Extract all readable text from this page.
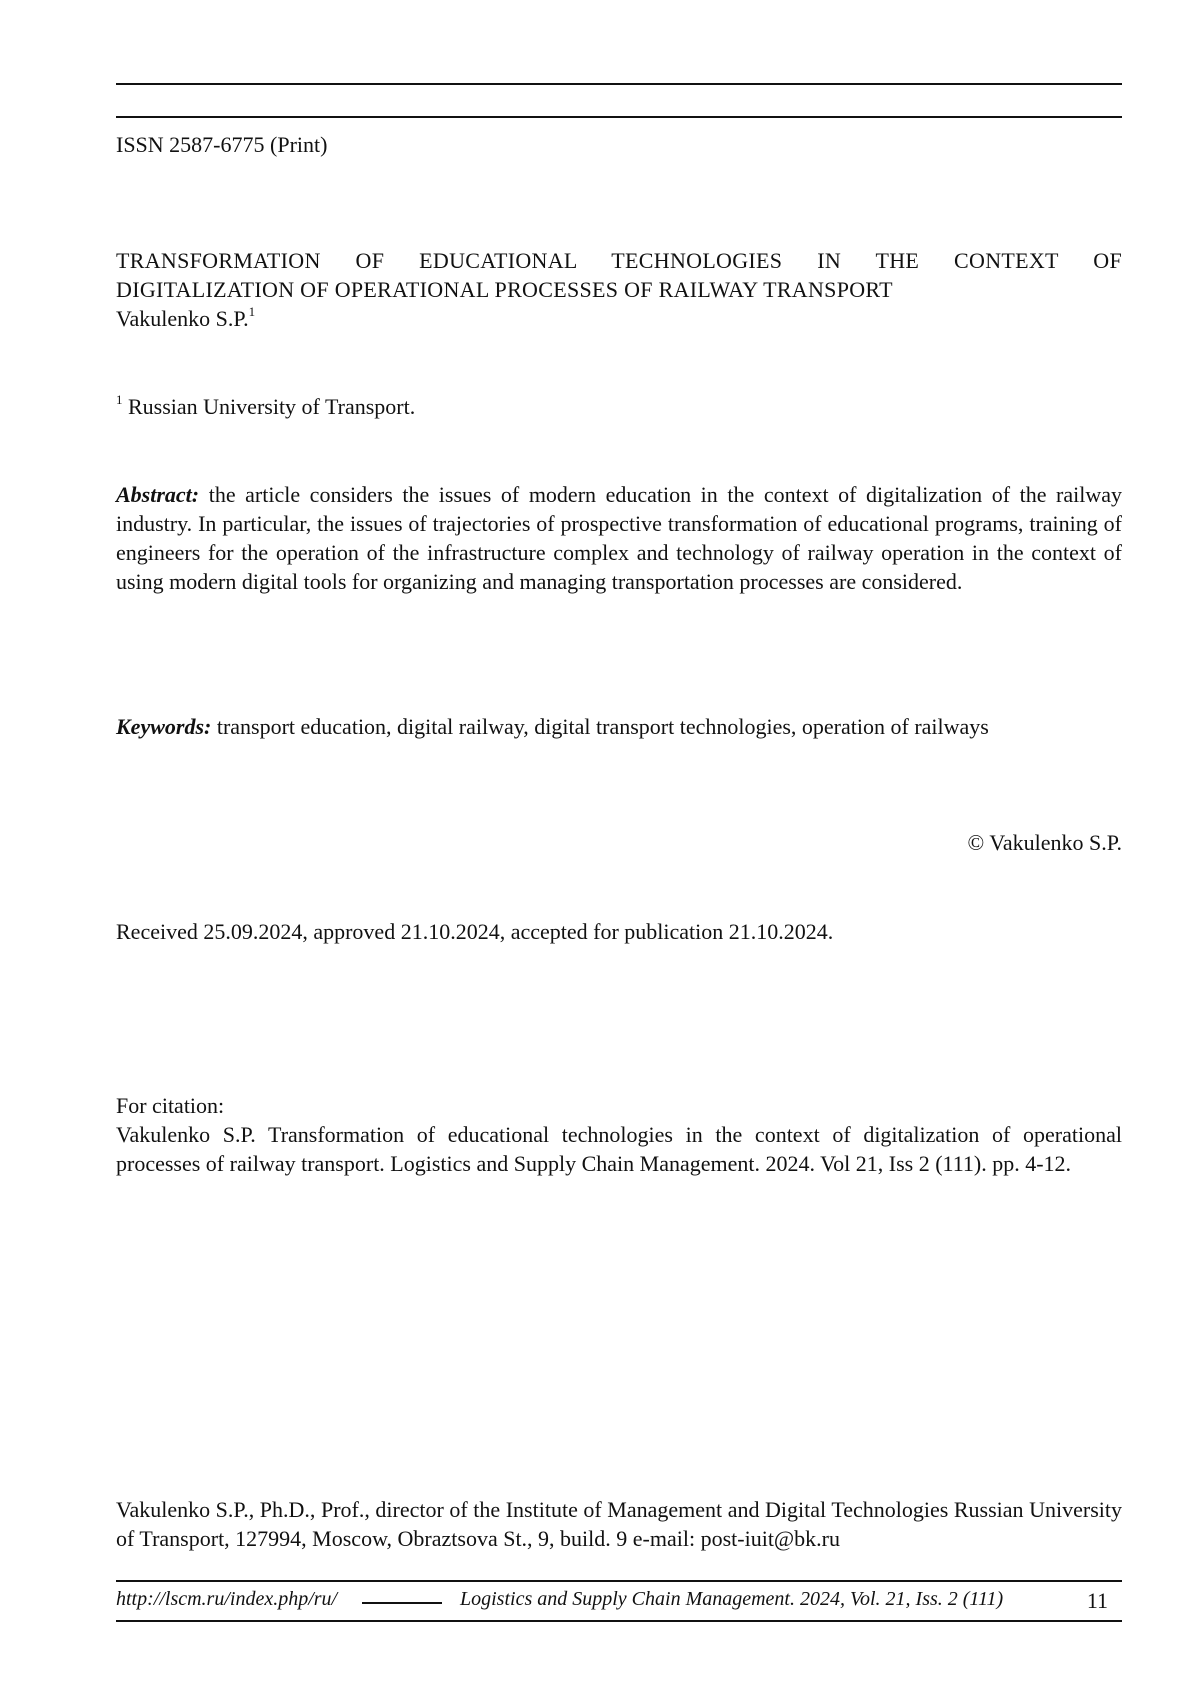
ISSN 2587-6775 (Print)
TRANSFORMATION OF EDUCATIONAL TECHNOLOGIES IN THE CONTEXT OF
DIGITALIZATION OF OPERATIONAL PROCESSES OF RAILWAY TRANSPORT
Vakulenko S.P.$^1$
$^1$ Russian University of Transport.
Abstract: the article considers the issues of modern education in the context of digitalization of the railway industry. In particular, the issues of trajectories of prospective transformation of educational programs, training of engineers for the operation of the infrastructure complex and technology of railway operation in the context of using modern digital tools for organizing and managing transportation processes are considered.
Keywords: transport education, digital railway, digital transport technologies, operation of railways
© Vakulenko S.P.
Received 25.09.2024, approved 21.10.2024, accepted for publication 21.10.2024.
For citation:
Vakulenko S.P. Transformation of educational technologies in the context of digitalization of operational processes of railway transport. Logistics and Supply Chain Management. 2024. Vol 21, Iss 2 (111). pp. 4-12.
Vakulenko S.P., Ph.D., Prof., director of the Institute of Management and Digital Technologies Russian University of Transport, 127994, Moscow, Obraztsova St., 9, build. 9 e-mail: post-iuit@bk.ru
http://lscm.ru/index.php/ru/	Logistics and Supply Chain Management. 2024, Vol. 21, Iss. 2 (111)	11
